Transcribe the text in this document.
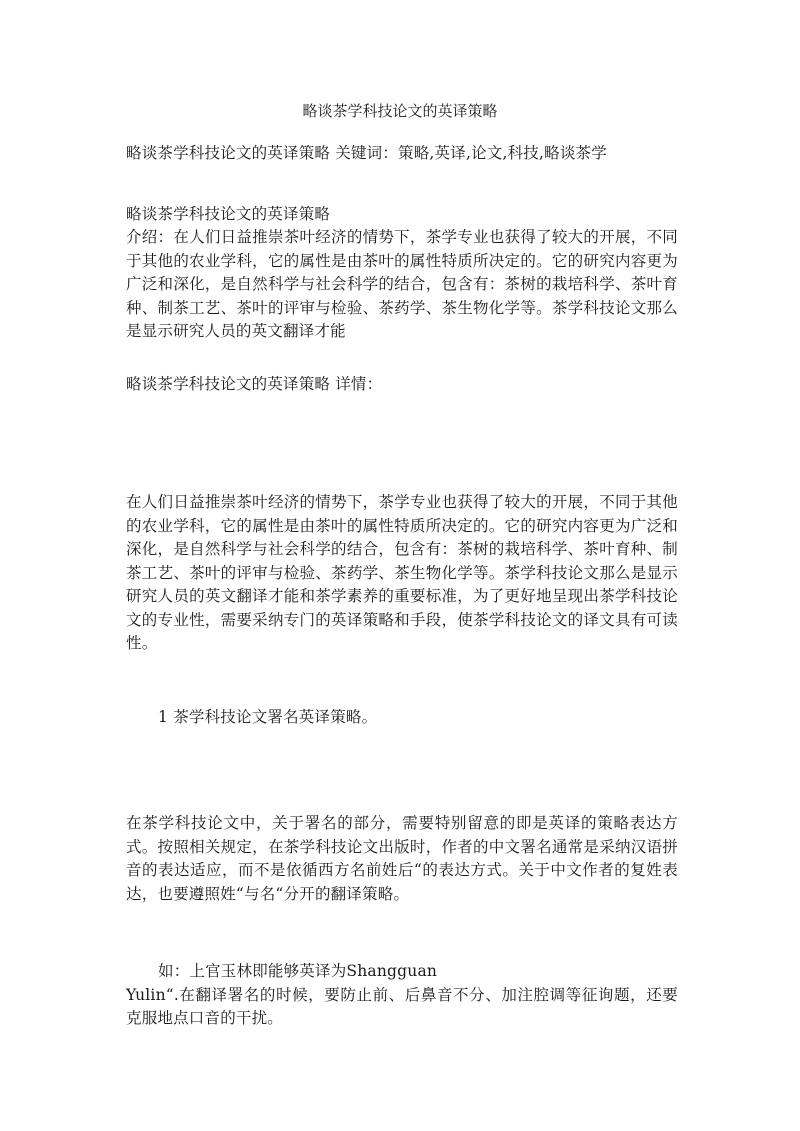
略谈茶学科技论文的英译策略

略谈茶学科技论文的英译策略 关键词：策略,英译,论文,科技,略谈茶学

略谈茶学科技论文的英译策略

介绍：在人们日益推崇茶叶经济的情势下，茶学专业也获得了较大的开展，不同于其他的农业学科，它的属性是由茶叶的属性特质所决定的。它的研究内容更为广泛和深化，是自然科学与社会科学的结合，包含有：茶树的栽培科学、茶叶育种、制茶工艺、茶叶的评审与检验、茶药学、茶生物化学等。茶学科技论文那么是显示研究人员的英文翻译才能

略谈茶学科技论文的英译策略 详情：

在人们日益推崇茶叶经济的情势下，茶学专业也获得了较大的开展，不同于其他的农业学科，它的属性是由茶叶的属性特质所决定的。它的研究内容更为广泛和深化，是自然科学与社会科学的结合，包含有：茶树的栽培科学、茶叶育种、制茶工艺、茶叶的评审与检验、茶药学、茶生物化学等。茶学科技论文那么是显示研究人员的英文翻译才能和茶学素养的重要标准，为了更好地呈现出茶学科技论文的专业性，需要采纳专门的英译策略和手段，使茶学科技论文的译文具有可读性。

1 茶学科技论文署名英译策略。

在茶学科技论文中，关于署名的部分，需要特别留意的即是英译的策略表达方式。按照相关规定，在茶学科技论文出版时，作者的中文署名通常是采纳汉语拼音的表达适应，而不是依循西方名前姓后“的表达方式。关于中文作者的复姓表达，也要遵照姓“与名“分开的翻译策略。

如：上官玉林即能够英译为Shangguan
Yulin“.在翻译署名的时候，要防止前、后鼻音不分、加注腔调等征询题，还要克服地点口音的干扰。
